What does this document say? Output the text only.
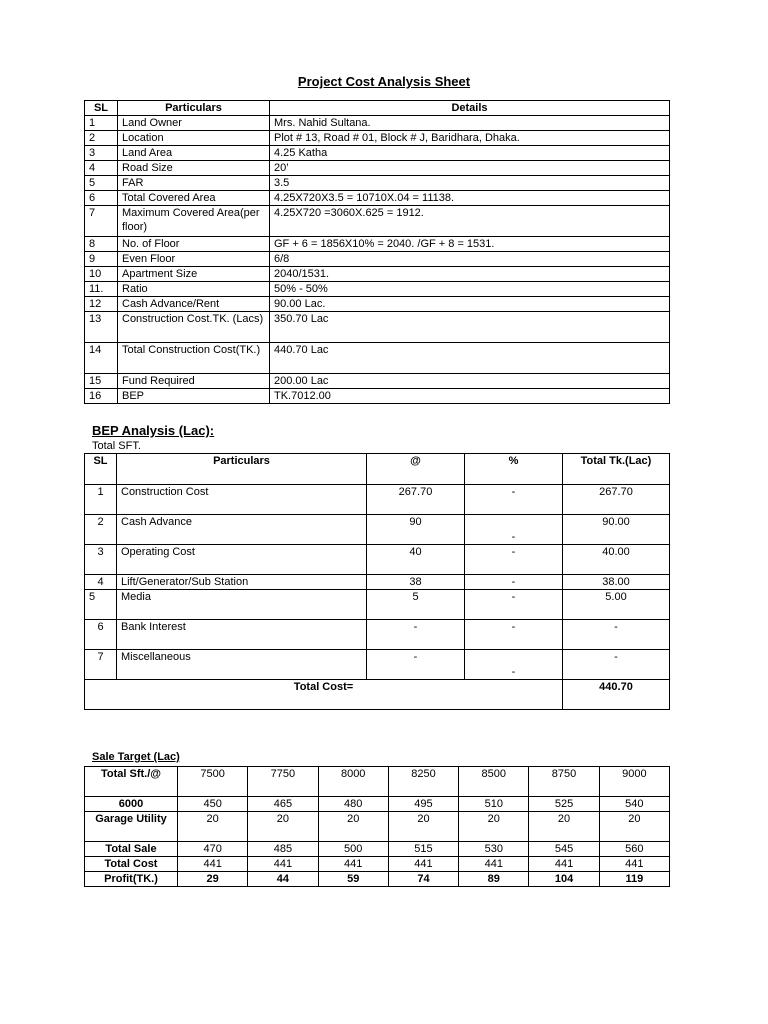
Project Cost Analysis Sheet
SL	Particulars	Details
1	Land Owner	Mrs. Nahid Sultana.
2	Location	Plot # 13, Road # 01, Block # J, Baridhara, Dhaka.
3	Land Area	4.25 Katha
4	Road Size	20’
5	FAR	3.5
6	Total Covered Area	4.25X720X3.5 = 10710X.04 = 11138.
7	Maximum Covered Area(per floor)	4.25X720 =3060X.625 = 1912.
8	No. of Floor	GF + 6 = 1856X10% = 2040. /GF + 8 = 1531.
9	Even Floor	6/8
10	Apartment Size	2040/1531.
11.	Ratio	50% - 50%
12	Cash Advance/Rent	90.00 Lac.
13	Construction Cost.TK. (Lacs)	350.70 Lac
14	Total Construction Cost(TK.)	440.70 Lac
15	Fund Required	200.00 Lac
16	BEP	TK.7012.00
BEP Analysis (Lac):
Total SFT.
SL	Particulars	@	%	Total Tk.(Lac)
1	Construction Cost	267.70	-	267.70
2	Cash Advance	90	-	90.00
3	Operating Cost	40	-	40.00
4	Lift/Generator/Sub Station	38	-	38.00
5	Media	5	-	5.00
6	Bank Interest	-	-	-
7	Miscellaneous	-	-	-
Total Cost=				440.70
Sale Target (Lac)
Total Sft./@	7500	7750	8000	8250	8500	8750	9000
6000	450	465	480	495	510	525	540
Garage Utility	20	20	20	20	20	20	20
Total Sale	470	485	500	515	530	545	560
Total Cost	441	441	441	441	441	441	441
Profit(TK.)	29	44	59	74	89	104	119
